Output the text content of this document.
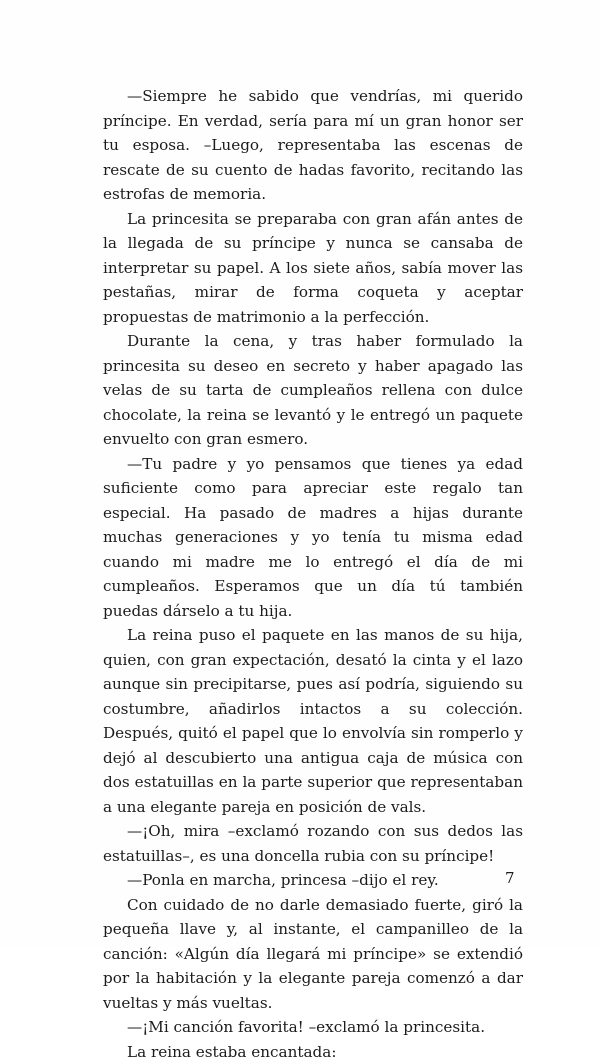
—Siempre he sabido que vendrías, mi querido príncipe. En verdad, sería para mí un gran honor ser tu esposa. –Luego, representaba las escenas de rescate de su cuento de hadas favorito, recitando las estrofas de memoria.

La princesita se preparaba con gran afán antes de la llegada de su príncipe y nunca se cansaba de interpretar su papel. A los siete años, sabía mover las pestañas, mirar de forma coqueta y aceptar propuestas de matrimonio a la perfección.

Durante la cena, y tras haber formulado la princesita su deseo en secreto y haber apagado las velas de su tarta de cumpleaños rellena con dulce chocolate, la reina se levantó y le entregó un paquete envuelto con gran esmero.

—Tu padre y yo pensamos que tienes ya edad suficiente como para apreciar este regalo tan especial. Ha pasado de madres a hijas durante muchas generaciones y yo tenía tu misma edad cuando mi madre me lo entregó el día de mi cumpleaños. Esperamos que un día tú también puedas dárselo a tu hija.

La reina puso el paquete en las manos de su hija, quien, con gran expectación, desató la cinta y el lazo aunque sin precipitarse, pues así podría, siguiendo su costumbre, añadirlos intactos a su colección. Después, quitó el papel que lo envolvía sin romperlo y dejó al descubierto una antigua caja de música con dos estatuillas en la parte superior que representaban a una elegante pareja en posición de vals.

—¡Oh, mira –exclamó rozando con sus dedos las estatuillas–, es una doncella rubia con su príncipe!

—Ponla en marcha, princesa –dijo el rey.

Con cuidado de no darle demasiado fuerte, giró la pequeña llave y, al instante, el campanilleo de la canción: «Algún día llegará mi príncipe» se extendió por la habitación y la elegante pareja comenzó a dar vueltas y más vueltas.

—¡Mi canción favorita! –exclamó la princesita.

La reina estaba encantada:

7
